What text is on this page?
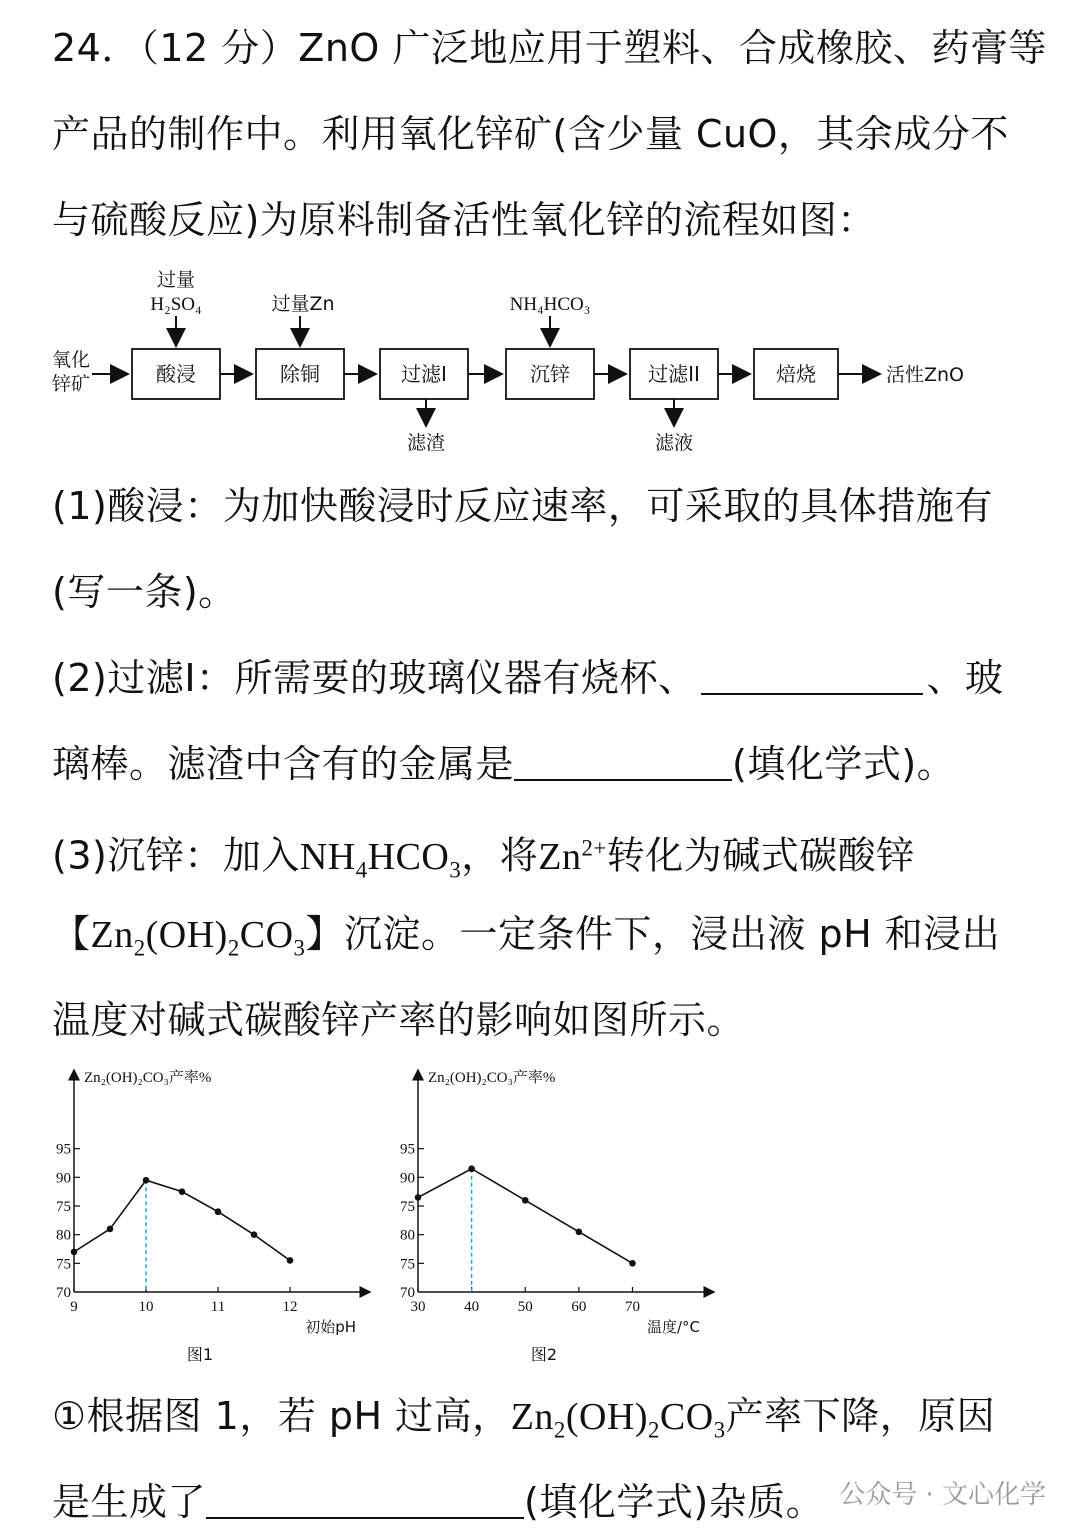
24．（12 分）ZnO 广泛地应用于塑料、合成橡胶、药膏等
产品的制作中。利用氧化锌矿(含少量 CuO，其余成分不
与硫酸反应)为原料制备活性氧化锌的流程如图：
氧化
锌矿	酸浸	除铜	过滤I	沉锌	过滤II	焙烧	活性ZnO
过量
H₂SO₄	过量Zn	NH₄HCO₃
滤渣	滤液
(1)酸浸：为加快酸浸时反应速率，可采取的具体措施有
(写一条)。
(2)过滤I：所需要的玻璃仪器有烧杯、	、玻
璃棒。滤渣中含有的金属是	(填化学式)。
(3)沉锌：加入$NH_4HCO_3$，将$Zn^{2+}$转化为碱式碳酸锌
【$Zn_2(OH)_2CO_3$】沉淀。一定条件下，浸出液 pH 和浸出
温度对碱式碳酸锌产率的影响如图所示。
Zn₂(OH)₂CO₃产率%
初始pH
70
75
80
75
90
95
9	10	11	12
图1
Zn₂(OH)₂CO₃产率%
温度/°C
70
75
80
75
90
95
30	40	50	60	70
图2
①根据图 1，若 pH 过高，$Zn_2(OH)_2CO_3$产率下降，原因
是生成了	(填化学式)杂质。 公众号 · 文心化学
